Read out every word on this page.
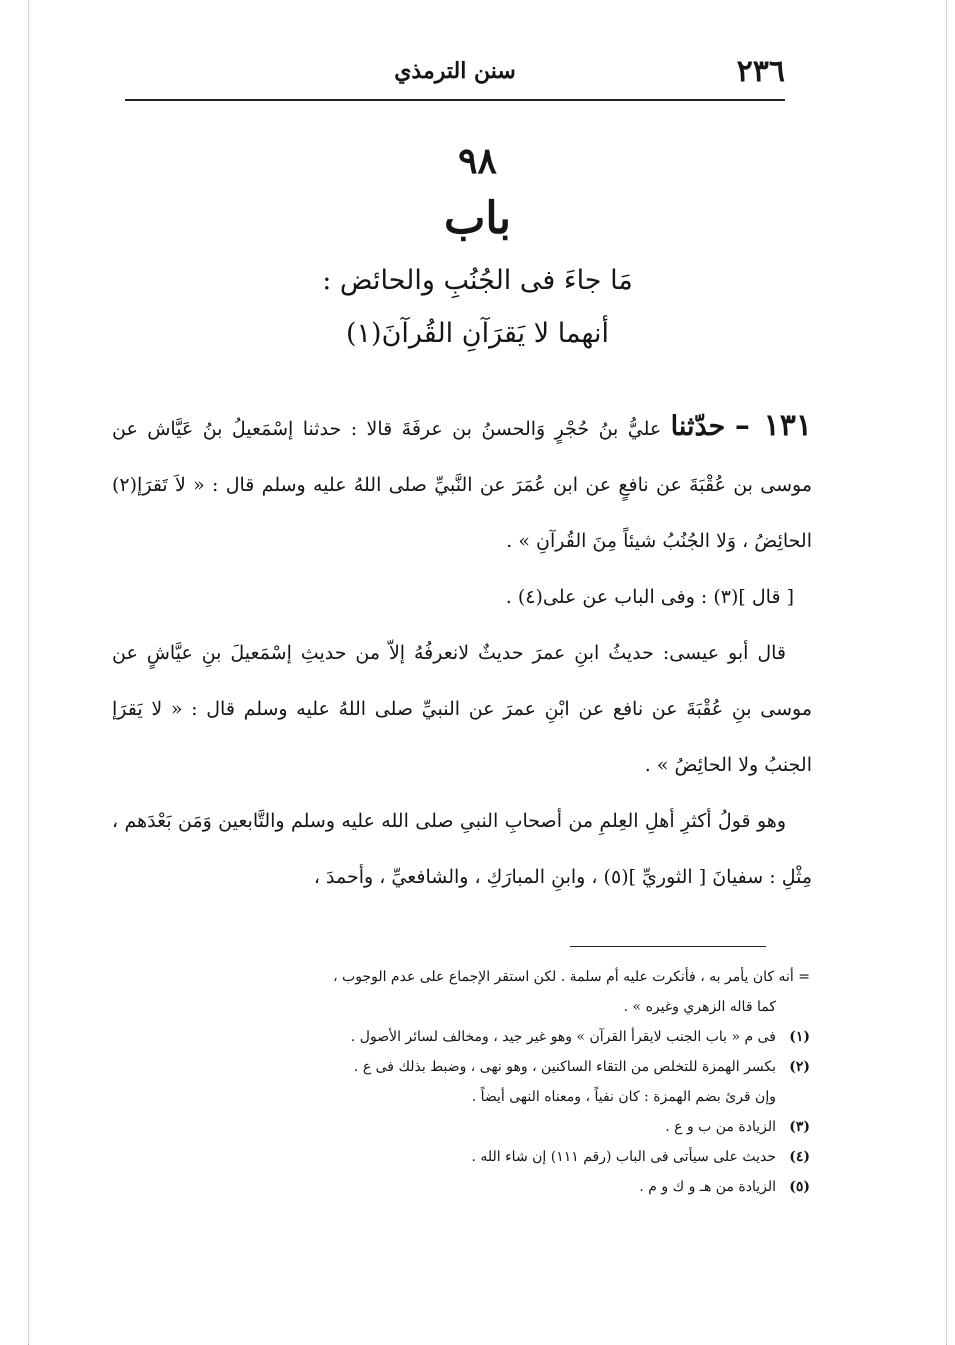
٢٣٦
سنن الترمذي
٩٨
باب
مَا جاءَ فى الجُنُبِ والحائض :
أنهما لا يَقرَآنِ القُرآنَ(١)

١٣١ – حدّثنا عليُّ بنُ حُجْرٍ وَالحسنُ بن عرفَةَ قالا : حدثنا إسْمَعيلُ بنُ عَيَّاش عن موسى بن عُقْبَةَ عن نافعٍ عن ابن عُمَرَ عن النَّبيِّ صلى اللهُ عليه وسلم قال : « لاَ تَقرَإ(٢) الحائِضُ ، وَلا الجُنُبُ شيئاً مِنَ القُرآنِ » .

[ قال ](٣) : وفى الباب عن على(٤) .

قال أبو عيسى: حديثُ ابنِ عمرَ حديثٌ لانعرفُهُ إلاّ من حديثِ إسْمَعيلَ بنِ عيَّاشٍ عن موسى بنِ عُقْبَةَ عن نافع عن ابْنِ عمرَ عن النبيِّ صلى اللهُ عليه وسلم قال : « لا يَقرَإ الجنبُ ولا الحائِضُ » .

وهو قولُ أكثرِ أهلِ العِلمِ من أصحابِ النبىِ صلى الله عليه وسلم والتَّابعين وَمَن بَعْدَهم ، مِثْلِ : سفيانَ [ الثوريِّ ](٥) ، وابنِ المبارَكِ ، والشافعيِّ ، وأحمدَ ،

= أنه كان يأمر به ، فأنكرت عليه أم سلمة . لكن استقر الإجماع على عدم الوجوب ،

كما قاله الزهري وغيره » .

(١)فى م « باب الجنب لايقرأ القرآن » وهو غير جيد ، ومخالف لسائر الأصول .

(٢)بكسر الهمزة للتخلص من التقاء الساكنين ، وهو نهى ، وضبط بذلك فى ع .

وإن قرئ بضم الهمزة : كان نفياً ، ومعناه النهى أيضاً .

(٣)الزيادة من ب و ع .

(٤)حديث على سيأتى فى الباب (رقم ١١١) إن شاء الله .

(٥)الزيادة من هـ و ك و م .
